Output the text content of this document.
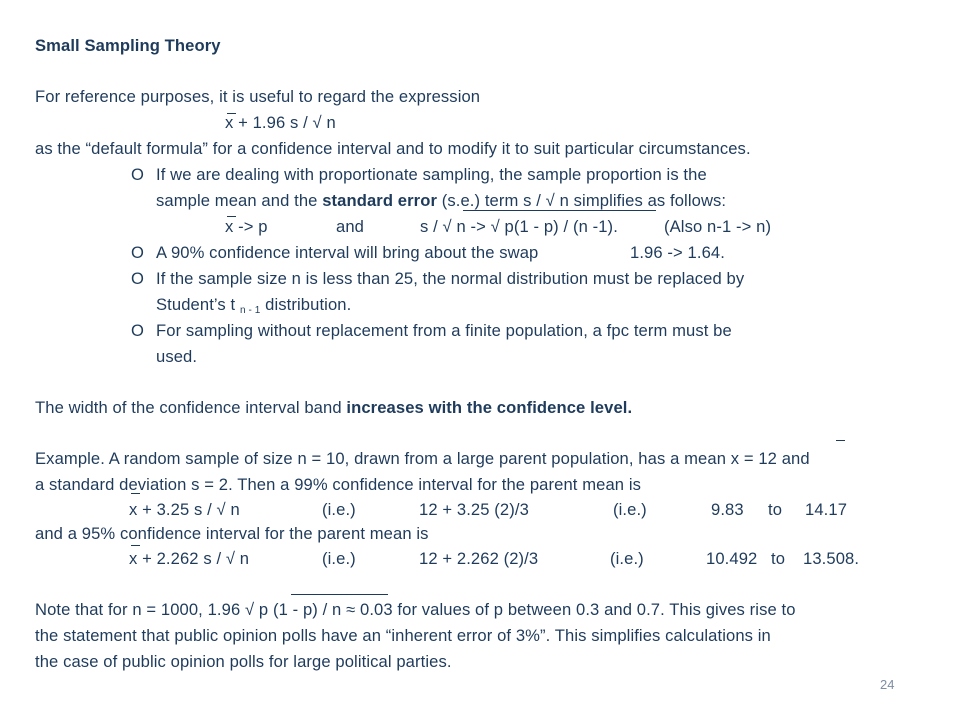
Small Sampling Theory
For reference purposes, it is useful to regard the expression
x + 1.96 s / √ n
as the “default formula” for a confidence interval and to modify it to suit particular circumstances.
O If we are dealing with proportionate sampling, the sample proportion is the
sample mean and the standard error (s.e.) term s / √ n simplifies as follows:
x -> p	and	s / √ n -> √ p(1 - p) / (n -1).	(Also n-1 -> n)
O A 90% confidence interval will bring about the swap	1.96 -> 1.64.
O If the sample size n is less than 25, the normal distribution must be replaced by
Student’s t $_{n - 1}$ distribution.
O For sampling without replacement from a finite population, a fpc term must be
used.
The width of the confidence interval band increases with the confidence level.
Example. A random sample of size n = 10, drawn from a large parent population, has a mean x = 12 and
a standard deviation s = 2. Then a 99% confidence interval for the parent mean is
x + 3.25 s / √ n	(i.e.)	12 + 3.25 (2)/3	(i.e.)	9.83 to 14.17
and a 95% confidence interval for the parent mean is
x + 2.262 s / √ n	(i.e.)	12 + 2.262 (2)/3	(i.e.)	10.492 to 13.508.
Note that for n = 1000, 1.96 √ p (1 - p) / n ≈ 0.03 for values of p between 0.3 and 0.7. This gives rise to
the statement that public opinion polls have an “inherent error of 3%”. This simplifies calculations in
the case of public opinion polls for large political parties.
24
